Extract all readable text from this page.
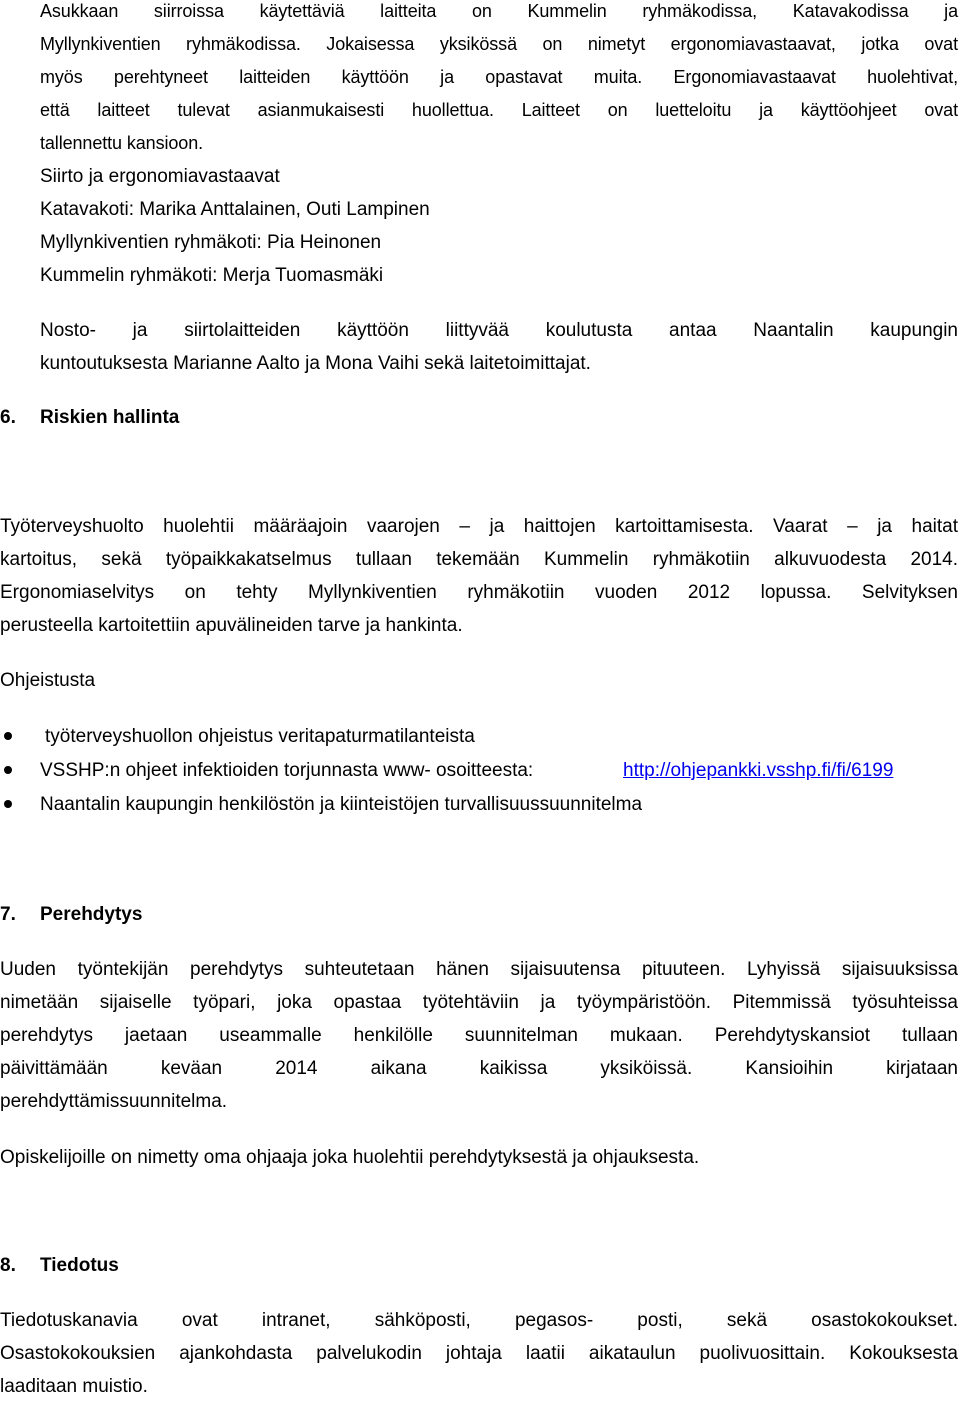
Asukkaan siirroissa käytettäviä laitteita on Kummelin ryhmäkodissa, Katavakodissa ja
Myllynkiventien ryhmäkodissa. Jokaisessa yksikössä on nimetyt ergonomiavastaavat, jotka ovat
myös perehtyneet laitteiden käyttöön ja opastavat muita. Ergonomiavastaavat huolehtivat,
että laitteet tulevat asianmukaisesti huollettua. Laitteet on luetteloitu ja käyttöohjeet ovat
tallennettu kansioon.
Siirto ja ergonomiavastaavat
Katavakoti: Marika Anttalainen, Outi Lampinen
Myllynkiventien ryhmäkoti: Pia Heinonen
Kummelin ryhmäkoti: Merja Tuomasmäki
Nosto- ja siirtolaitteiden käyttöön liittyvää koulutusta antaa Naantalin kaupungin
kuntoutuksesta Marianne Aalto ja Mona Vaihi sekä laitetoimittajat.
6. Riskien hallinta
Työterveyshuolto huolehtii määräajoin vaarojen – ja haittojen kartoittamisesta. Vaarat – ja haitat
kartoitus, sekä työpaikkakatselmus tullaan tekemään Kummelin ryhmäkotiin alkuvuodesta 2014.
Ergonomiaselvitys on tehty Myllynkiventien ryhmäkotiin vuoden 2012 lopussa. Selvityksen
perusteella kartoitettiin apuvälineiden tarve ja hankinta.
Ohjeistusta
työterveyshuollon ohjeistus veritapaturmatilanteista
VSSHP:n ohjeet infektioiden torjunnasta www- osoitteesta:	http://ohjepankki.vsshp.fi/fi/6199
Naantalin kaupungin henkilöstön ja kiinteistöjen turvallisuussuunnitelma
7. Perehdytys
Uuden työntekijän perehdytys suhteutetaan hänen sijaisuutensa pituuteen. Lyhyissä sijaisuuksissa
nimetään sijaiselle työpari, joka opastaa työtehtäviin ja työympäristöön. Pitemmissä työsuhteissa
perehdytys jaetaan useammalle henkilölle suunnitelman mukaan. Perehdytyskansiot tullaan
päivittämään keväan 2014 aikana kaikissa yksiköissä. Kansioihin kirjataan
perehdyttämissuunnitelma.
Opiskelijoille on nimetty oma ohjaaja joka huolehtii perehdytyksestä ja ohjauksesta.
8. Tiedotus
Tiedotuskanavia ovat intranet, sähköposti, pegasos- posti, sekä osastokokoukset.
Osastokokouksien ajankohdasta palvelukodin johtaja laatii aikataulun puolivuosittain. Kokouksesta
laaditaan muistio.
